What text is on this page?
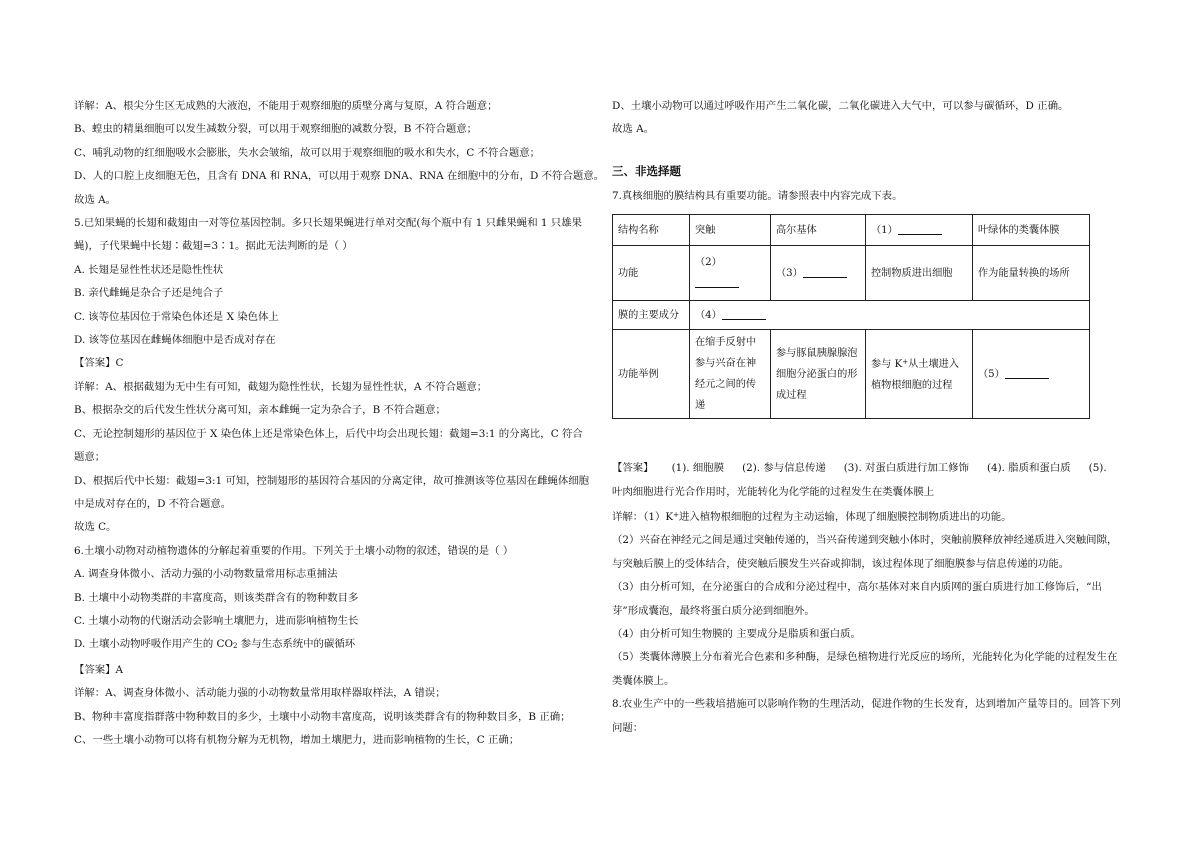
详解：A、根尖分生区无成熟的大液泡，不能用于观察细胞的质壁分离与复原，A 符合题意；
B、蝗虫的精巢细胞可以发生减数分裂，可以用于观察细胞的减数分裂，B 不符合题意；
C、哺乳动物的红细胞吸水会膨胀，失水会皱缩，故可以用于观察细胞的吸水和失水，C 不符合题意；
D、人的口腔上皮细胞无色，且含有 DNA 和 RNA，可以用于观察 DNA、RNA 在细胞中的分布，D 不符合题意。
故选 A。
5.已知果蝇的长翅和截翅由一对等位基因控制。多只长翅果蝇进行单对交配(每个瓶中有 1 只雌果蝇和 1 只雄果
蝇)，子代果蝇中长翅∶截翅=3∶1。据此无法判断的是（ ）
A. 长翅是显性性状还是隐性性状
B. 亲代雌蝇是杂合子还是纯合子
C. 该等位基因位于常染色体还是 X 染色体上
D. 该等位基因在雌蝇体细胞中是否成对存在
【答案】C
详解：A、根据截翅为无中生有可知，截翅为隐性性状，长翅为显性性状，A 不符合题意；
B、根据杂交的后代发生性状分离可知，亲本雌蝇一定为杂合子，B 不符合题意；
C、无论控制翅形的基因位于 X 染色体上还是常染色体上，后代中均会出现长翅：截翅=3:1 的分离比，C 符合
题意；
D、根据后代中长翅：截翅=3:1 可知，控制翅形的基因符合基因的分离定律，故可推测该等位基因在雌蝇体细胞
中是成对存在的，D 不符合题意。
故选 C。
6.土壤小动物对动植物遗体的分解起着重要的作用。下列关于土壤小动物的叙述，错误的是（ ）
A. 调查身体微小、活动力强的小动物数量常用标志重捕法
B. 土壤中小动物类群的丰富度高，则该类群含有的物种数目多
C. 土壤小动物的代谢活动会影响土壤肥力，进而影响植物生长
D. 土壤小动物呼吸作用产生的 $CO_2$ 参与生态系统中的碳循环
【答案】A
详解：A、调查身体微小、活动能力强的小动物数量常用取样器取样法，A 错误；
B、物种丰富度指群落中物种数目的多少，土壤中小动物丰富度高，说明该类群含有的物种数目多，B 正确；
C、一些土壤小动物可以将有机物分解为无机物，增加土壤肥力，进而影响植物的生长，C 正确；
D、土壤小动物可以通过呼吸作用产生二氧化碳，二氧化碳进入大气中，可以参与碳循环，D 正确。
故选 A。
三、非选择题
7.真核细胞的膜结构具有重要功能。请参照表中内容完成下表。
结构名称	突触	高尔基体	（1）	叶绿体的类囊体膜
功能	（2）	（3）	控制物质进出细胞	作为能量转换的场所
膜的主要成分	（4）			
功能举例	在缩手反射中参与兴奋在神经元之间的传递	参与豚鼠胰腺腺泡细胞分泌蛋白的形成过程	参与 K+从土壤进入植物根细胞的过程	（5）
【答案】 (1). 细胞膜 (2). 参与信息传递 (3). 对蛋白质进行加工修饰 (4). 脂质和蛋白质 (5).
叶肉细胞进行光合作用时，光能转化为化学能的过程发生在类囊体膜上
详解：（1）K+进入植物根细胞的过程为主动运输，体现了细胞膜控制物质进出的功能。
（2）兴奋在神经元之间是通过突触传递的，当兴奋传递到突触小体时，突触前膜释放神经递质进入突触间隙，
与突触后膜上的受体结合，使突触后膜发生兴奋或抑制，该过程体现了细胞膜参与信息传递的功能。
（3）由分析可知，在分泌蛋白的合成和分泌过程中，高尔基体对来自内质网的蛋白质进行加工修饰后，“出
芽”形成囊泡，最终将蛋白质分泌到细胞外。
（4）由分析可知生物膜的 主要成分是脂质和蛋白质。
（5）类囊体薄膜上分布着光合色素和多种酶，是绿色植物进行光反应的场所，光能转化为化学能的过程发生在
类囊体膜上。
8.农业生产中的一些栽培措施可以影响作物的生理活动，促进作物的生长发育，达到增加产量等目的。回答下列
问题：
